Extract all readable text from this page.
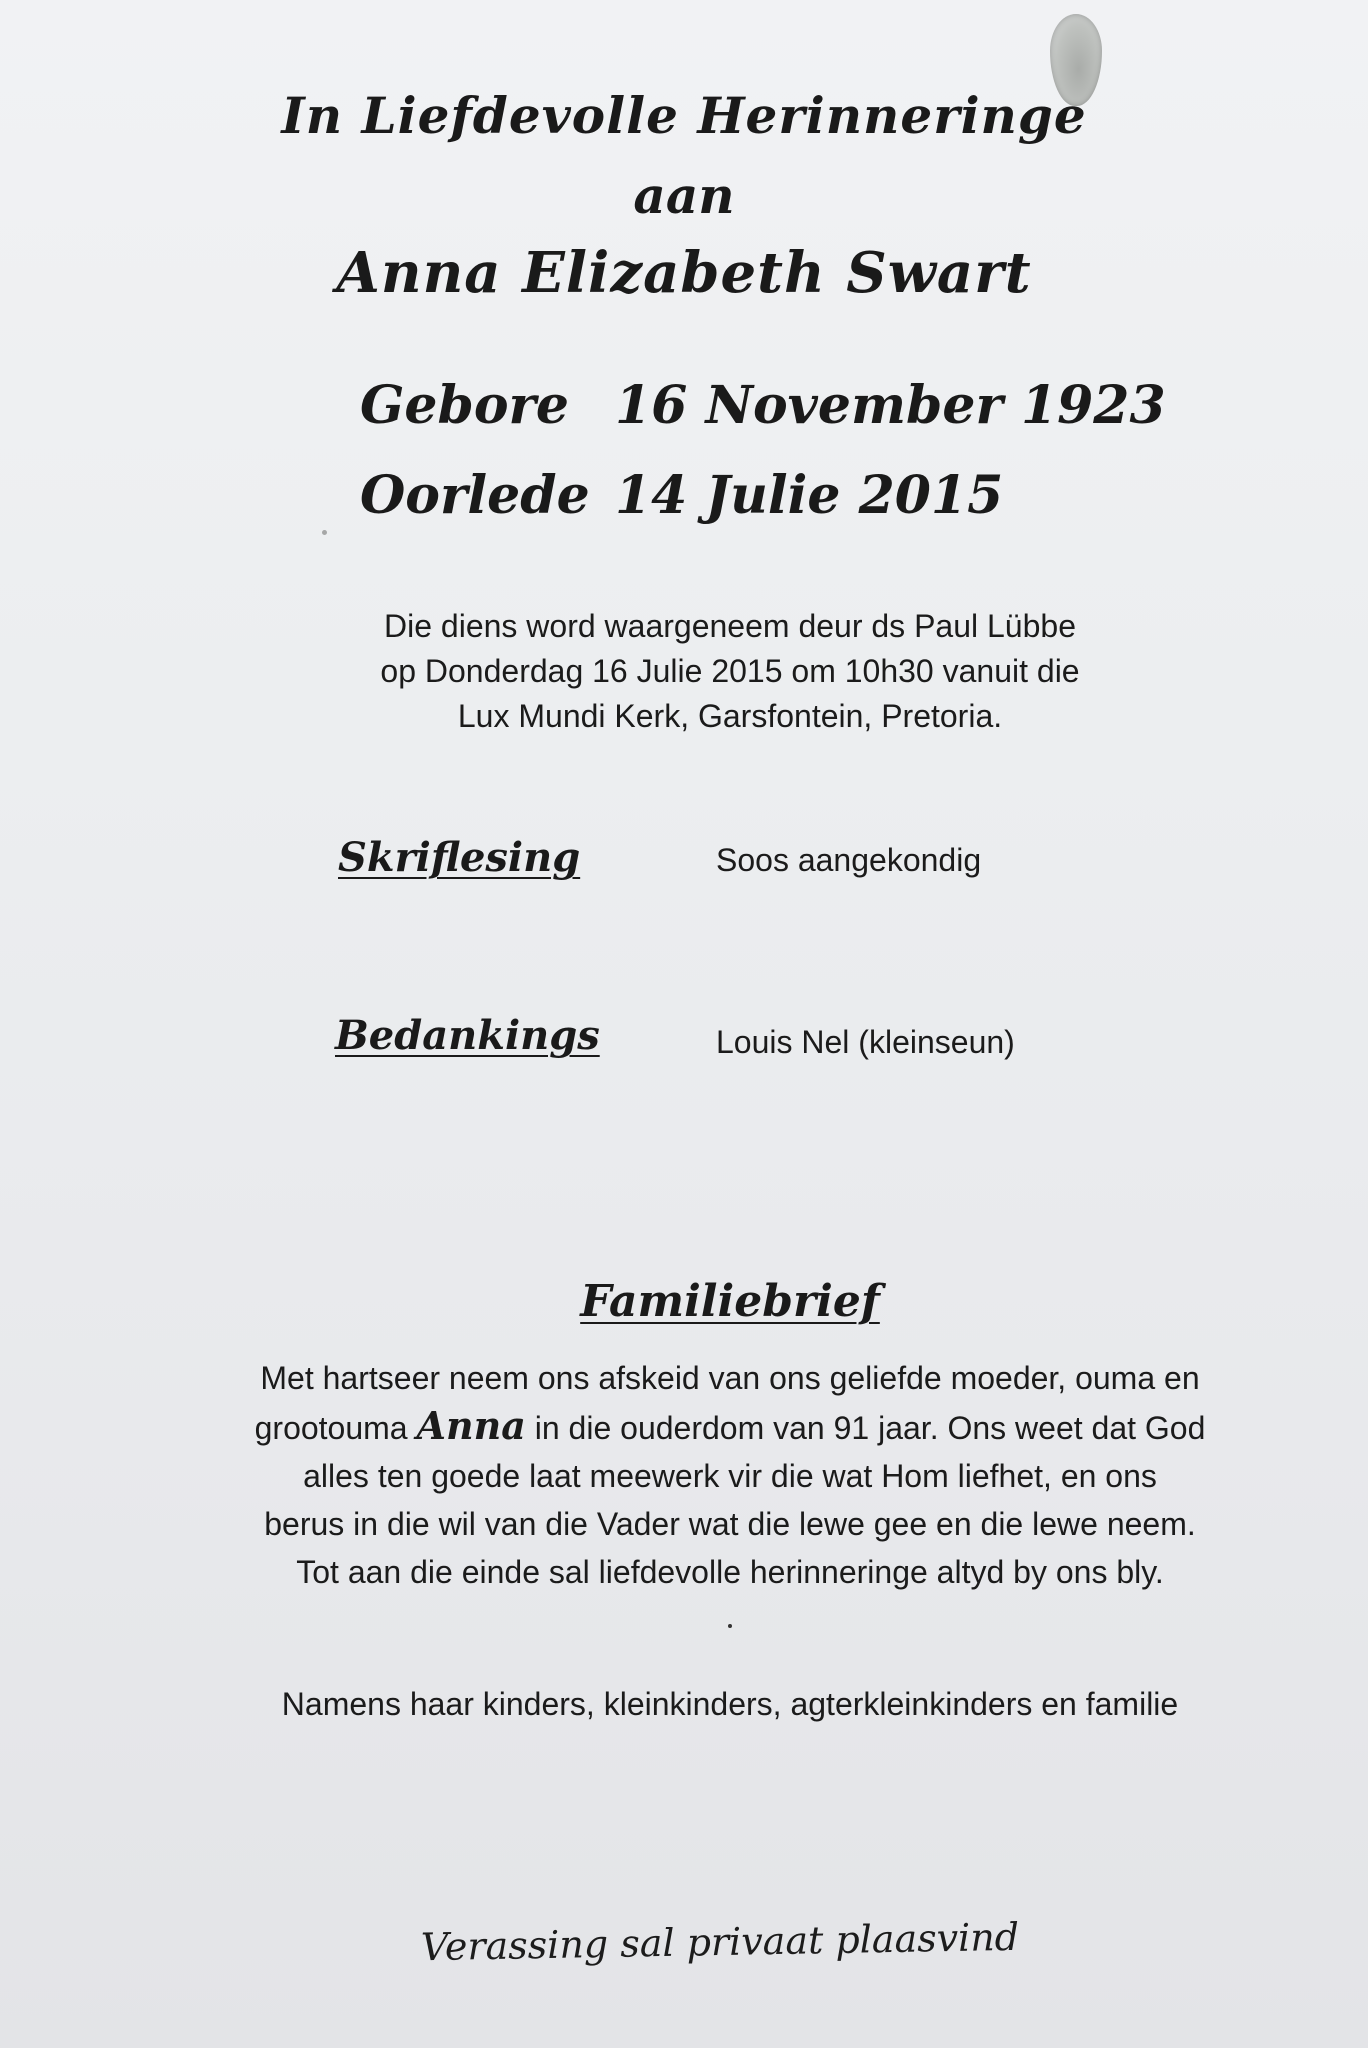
In Liefdevolle Herinneringe
aan
Anna Elizabeth Swart
Gebore 16 November 1923
Oorlede 14 Julie 2015
Die diens word waargeneem deur ds Paul Lübbe
op Donderdag 16 Julie 2015 om 10h30 vanuit die
Lux Mundi Kerk, Garsfontein, Pretoria.
Skriflesing	Soos aangekondig
Bedankings	Louis Nel (kleinseun)
Familiebrief
Met hartseer neem ons afskeid van ons geliefde moeder, ouma en
grootouma Anna in die ouderdom van 91 jaar. Ons weet dat God
alles ten goede laat meewerk vir die wat Hom liefhet, en ons
berus in die wil van die Vader wat die lewe gee en die lewe neem.
Tot aan die einde sal liefdevolle herinneringe altyd by ons bly.
Namens haar kinders, kleinkinders, agterkleinkinders en familie
Verassing sal privaat plaasvind
